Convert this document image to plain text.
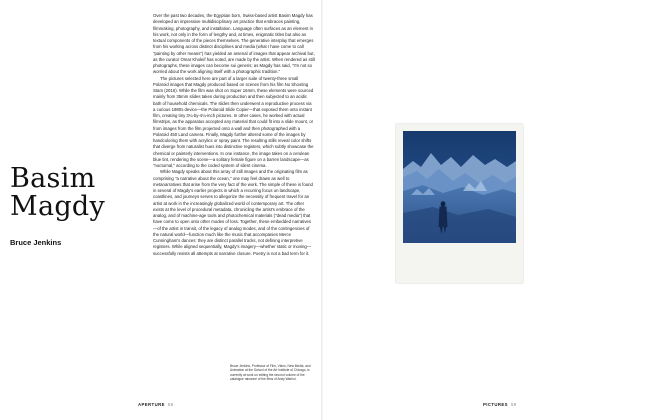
Basim
Magdy
Bruce Jenkins

Over the past two decades, the Egyptian born, Swiss-based artist Basim Magdy has developed an impressive multidisciplinary art practice that embraces painting, filmmaking, photography, and installation. Language often surfaces as an element in his work, not only in the form of lengthy and, at times, enigmatic titles but also as textual components of the pieces themselves. The generative interplay that emerges from his working across distinct disciplines and media (what I have come to call "painting by other means") has yielded an arsenal of images that appear archival but, as the curator Omar Kholeif has noted, are made by the artist. When rendered as still photographs, these images can become sui generis; as Magdy has said, "I'm not so worried about the work aligning itself with a photographic tradition."

The pictures selected here are part of a larger suite of twenty-three small Polaroid images that Magdy produced based on scenes from his film No Shooting Stars (2016). While the film was shot on Super 16mm, these elements were sourced mainly from 35mm slides taken during production and then subjected to an acidic bath of household chemicals. The slides then underwent a reproductive process via a curious 1980s device—the Polaroid Slide Copier—that exposed them onto instant film, creating tiny 3¼-by-4¼-inch pictures. In other cases, he worked with actual filmstrips, as the apparatus accepted any material that could fit into a slide mount, or from images from the film projected onto a wall and then photographed with a Polaroid 450 Land camera. Finally, Magdy further altered some of the images by handcoloring them with acrylics or spray paint. The resulting stills reveal color shifts that diverge from naturalist hues into distinctive registers, which subtly showcase the chemical or painterly interventions. In one instance, the image takes on a cerulean blue tint, rendering the scene—a solitary female figure on a barren landscape—as "nocturnal," according to the coded system of silent cinema.

While Magdy speaks about this array of still images and the originating film as comprising "a narrative about the ocean," one may feel drawn as well to metanarratives that arise from the very fact of the work. The simple of these is found in several of Magdy's earlier projects in which a recurring focus on landscape, coastlines, and journeys serves to allegorize the necessity of frequent travel for an artist at work in the increasingly globalized world of contemporary art. The other exists at the level of procedural metadata, chronicling the artist's embrace of the analog, and of machine-age tools and photochemical materials ("dead media") that have come to open onto other modes of loss. Together, these embedded narratives—of the artist in transit, of the legacy of analog modes, and of the contingencies of the natural world—function much like the music that accompanies Merce Cunningham's dances: they are distinct parallel tracks, not defining interpretive registers. While aligned sequentially, Magdy's imagery—whether static or moving—successfully resists all attempts at narrative closure. Poetry is not a bad term for it.

Bruce Jenkins, Professor of Film, Video, New Media, and Animation at the School of the Art Institute of Chicago, is currently at work on editing the second volume of the catalogue raisonné of the films of Andy Warhol.
APERTURE 58	PICTURES 59
